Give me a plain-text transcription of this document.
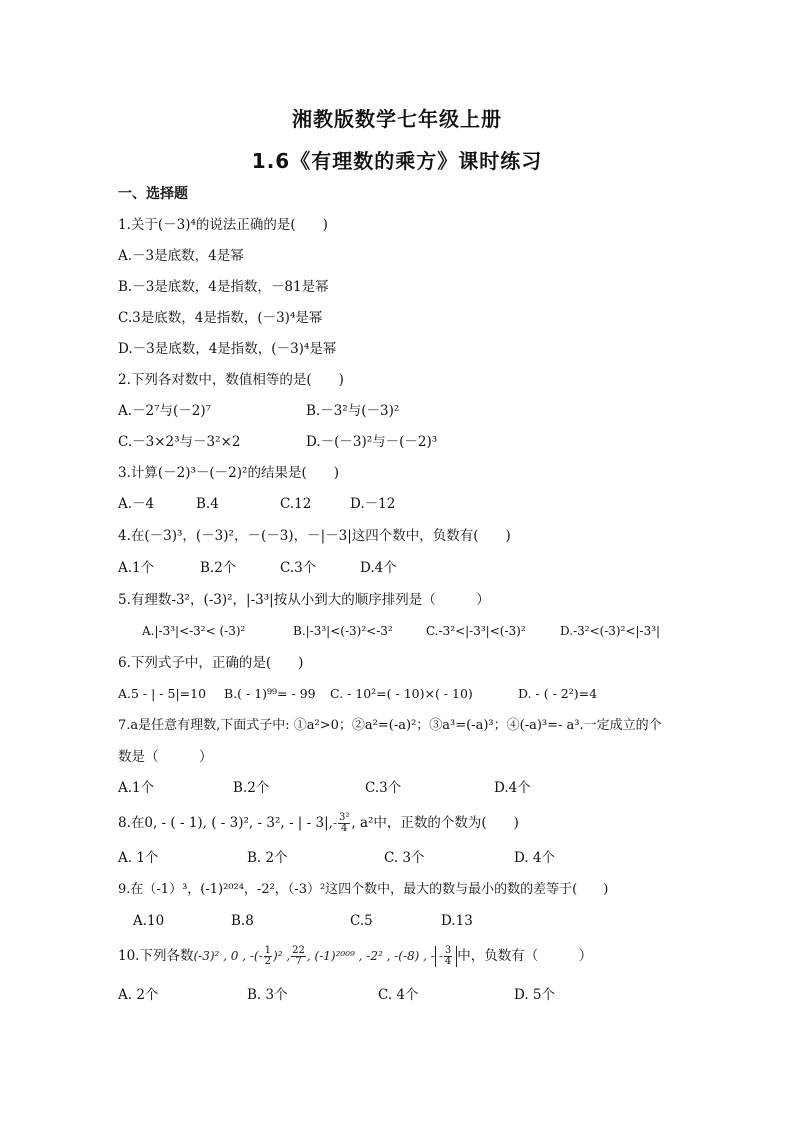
湘教版数学七年级上册
1.6《有理数的乘方》课时练习
一、选择题
1.关于(－3)⁴的说法正确的是(　　)
A.－3是底数，4是幂
B.－3是底数，4是指数，－81是幂
C.3是底数，4是指数，(－3)⁴是幂
D.－3是底数，4是指数，(－3)⁴是幂
2.下列各对数中，数值相等的是(　　)
A.－2⁷与(－2)⁷	B.－3²与(－3)²
C.－3×2³与－3²×2	D.－(－3)²与－(－2)³
3.计算(－2)³－(－2)²的结果是(　　)
A.－4	B.4	C.12	D.－12
4.在(－3)³，(－3)²，－(－3)，－|－3|这四个数中，负数有(　　)
A.1个	B.2个	C.3个	D.4个
5.有理数-3²，(-3)²，|-3³|按从小到大的顺序排列是（　　　）
A.|-3³|<-3²< (-3)²	B.|-3³|<(-3)²<-3²	C.-3²<|-3³|<(-3)²	D.-3²<(-3)²<|-3³|
6.下列式子中，正确的是(　　)
A.5 - | - 5|=10 B.( - 1)⁹⁹= - 99 C. - 10²=( - 10)×( - 10)	D. - ( - 2²)=4
7.a是任意有理数,下面式子中: ①a²>0；②a²=(-a)²；③a³=(-a)³；④(-a)³=- a³.一定成立的个
数是（　　　）
A.1个	B.2个	C.3个	D.4个
8.在0, - ( - 1), ( - 3)², - 3², - | - $3|,- \frac{\text{3²}}{4}$ , a²中，正数的个数为(　　)
A. 1个	B. 2个	C. 3个	D. 4个
9.在（-1）³，(-1)²⁰²⁴，-2²，（-3）²这四个数中，最大的数与最小的数的差等于(　　)
A.10	B.8	C.5	D.13
10.下列各数(-3)² , 0 , -(- $\frac{1}{2} )^2$ , $\frac{22}{7}$ , (-1)²⁰⁰⁹ , -2² , -(-8) , - - $\frac{3}{4}$ 中，负数有（　　　）
A. 2个	B. 3个	C. 4个	D. 5个
